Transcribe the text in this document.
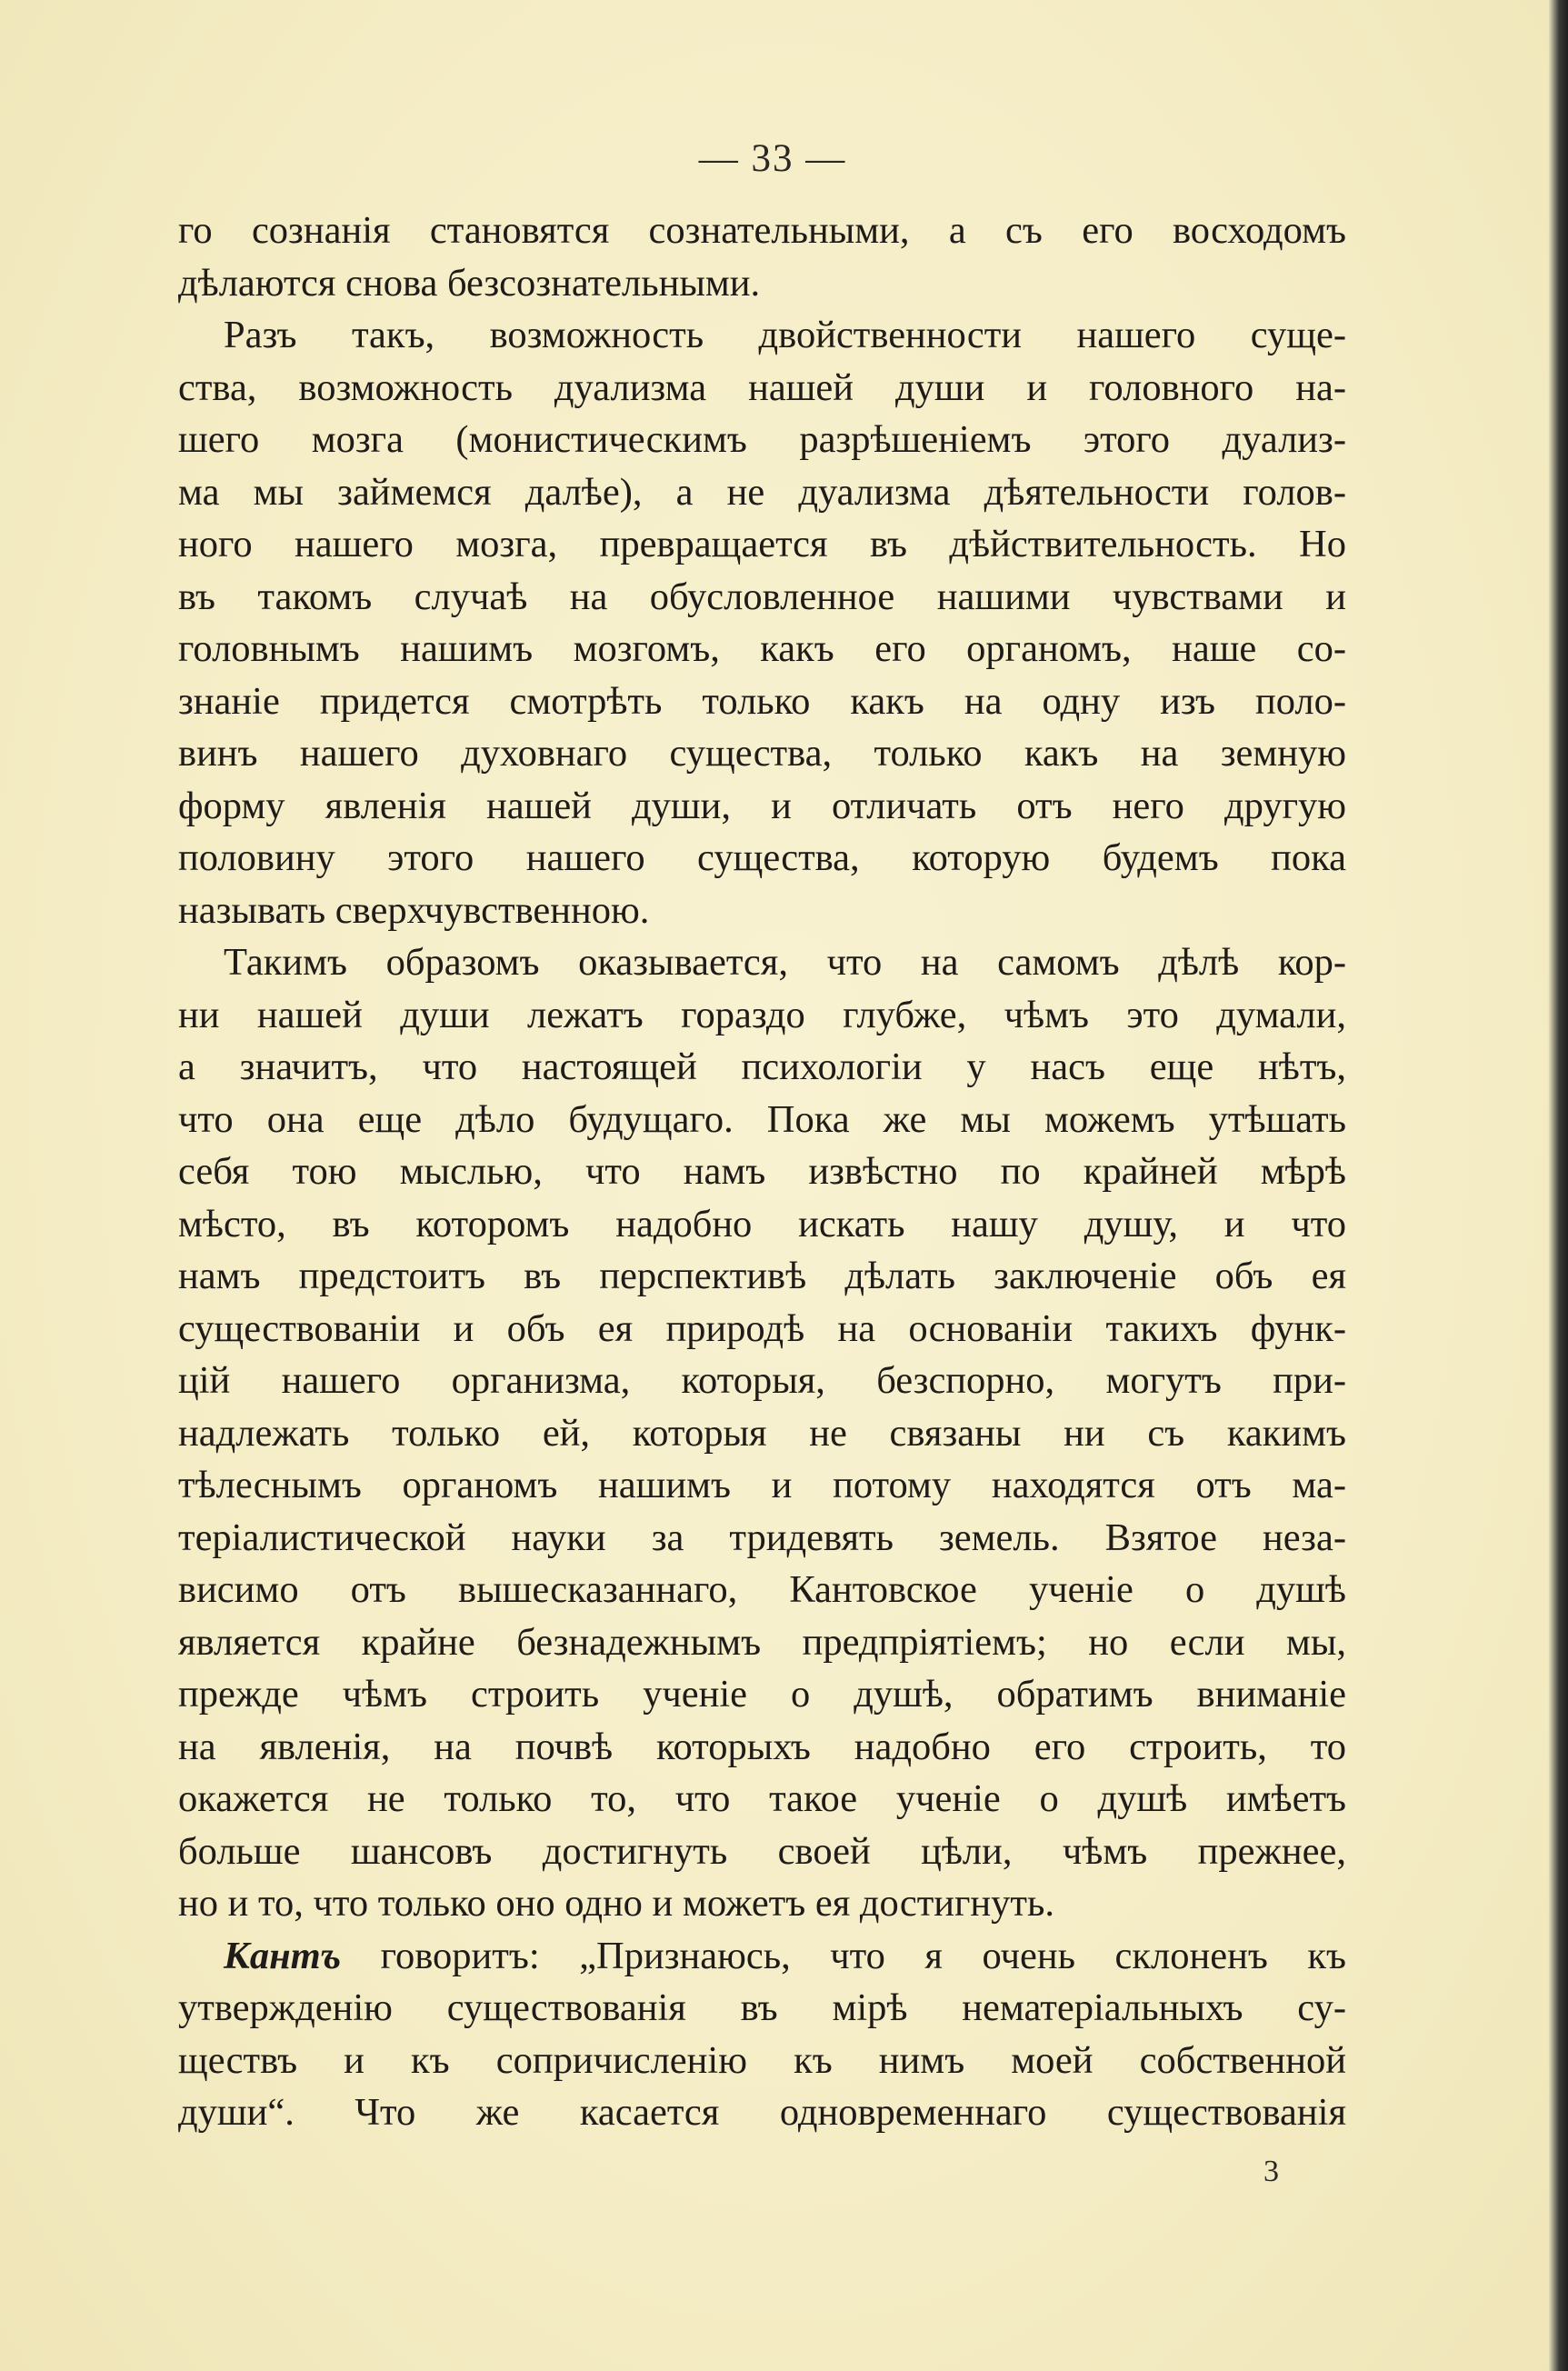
— 33 —
го сознанія становятся сознательными, а съ его восходомъ
дѣлаются снова безсознательными.
Разъ такъ, возможность двойственности нашего суще-
ства, возможность дуализма нашей души и головного на-
шего мозга (монистическимъ разрѣшеніемъ этого дуализ-
ма мы займемся далѣе), а не дуализма дѣятельности голов-
ного нашего мозга, превращается въ дѣйствительность. Но
въ такомъ случаѣ на обусловленное нашими чувствами и
головнымъ нашимъ мозгомъ, какъ его органомъ, наше со-
знаніе придется смотрѣть только какъ на одну изъ поло-
винъ нашего духовнаго существа, только какъ на земную
форму явленія нашей души, и отличать отъ него другую
половину этого нашего существа, которую будемъ пока
называть сверхчувственною.
Такимъ образомъ оказывается, что на самомъ дѣлѣ кор-
ни нашей души лежатъ гораздо глубже, чѣмъ это думали,
а значитъ, что настоящей психологіи у насъ еще нѣтъ,
что она еще дѣло будущаго. Пока же мы можемъ утѣшать
себя тою мыслью, что намъ извѣстно по крайней мѣрѣ
мѣсто, въ которомъ надобно искать нашу душу, и что
намъ предстоитъ въ перспективѣ дѣлать заключеніе объ ея
существованіи и объ ея природѣ на основаніи такихъ функ-
цій нашего организма, которыя, безспорно, могутъ при-
надлежать только ей, которыя не связаны ни съ какимъ
тѣлеснымъ органомъ нашимъ и потому находятся отъ ма-
теріалистической науки за тридевять земель. Взятое неза-
висимо отъ вышесказаннаго, Кантовское ученіе о душѣ
является крайне безнадежнымъ предпріятіемъ; но если мы,
прежде чѣмъ строить ученіе о душѣ, обратимъ вниманіе
на явленія, на почвѣ которыхъ надобно его строить, то
окажется не только то, что такое ученіе о душѣ имѣетъ
больше шансовъ достигнуть своей цѣли, чѣмъ прежнее,
но и то, что только оно одно и можетъ ея достигнуть.
Кантъ говоритъ: „Признаюсь, что я очень склоненъ къ
утвержденію существованія въ мірѣ нематеріальныхъ су-
ществъ и къ сопричисленію къ нимъ моей собственной
души“. Что же касается одновременнаго существованія
3
